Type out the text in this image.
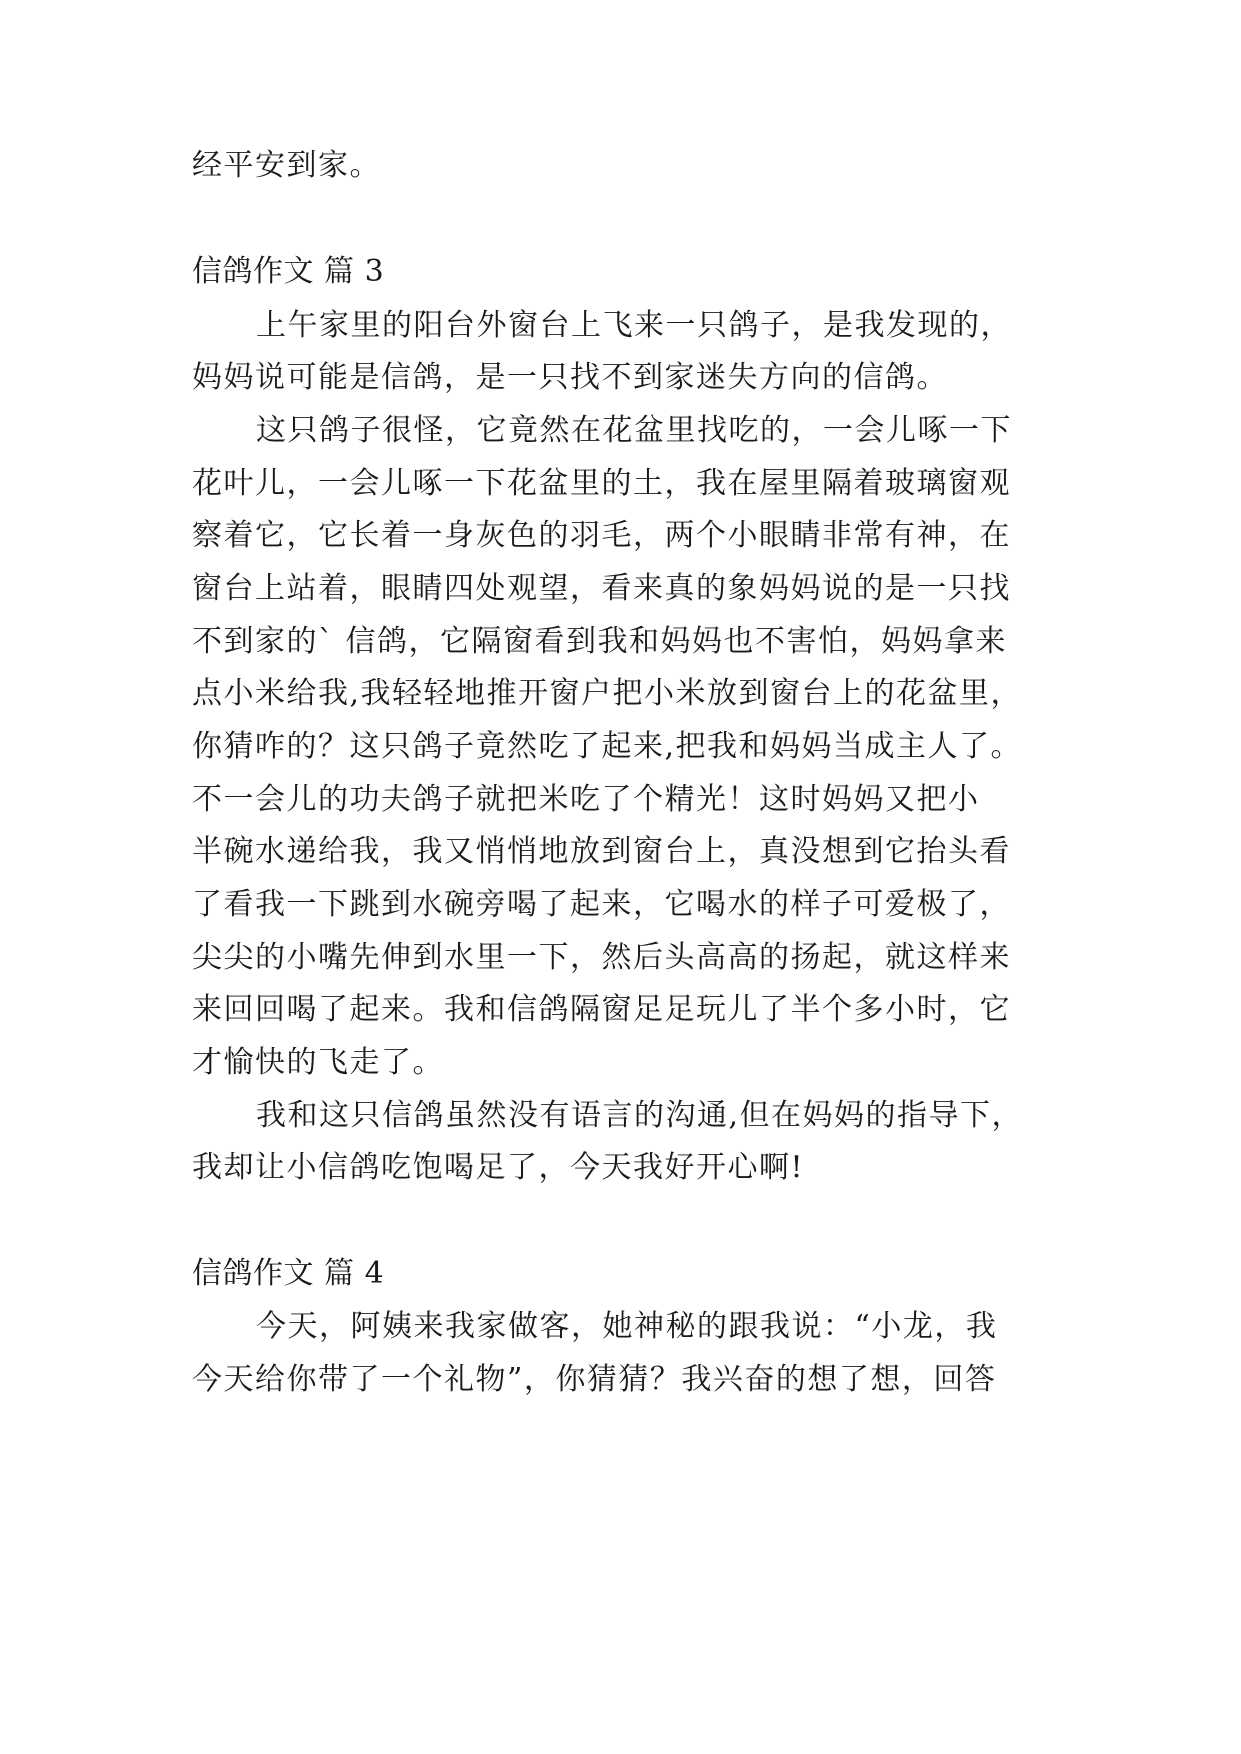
经平安到家。
信鸽作文 篇 3
上午家里的阳台外窗台上飞来一只鸽子，是我发现的，
妈妈说可能是信鸽，是一只找不到家迷失方向的信鸽。
这只鸽子很怪，它竟然在花盆里找吃的，一会儿啄一下
花叶儿，一会儿啄一下花盆里的土，我在屋里隔着玻璃窗观
察着它，它长着一身灰色的羽毛，两个小眼睛非常有神，在
窗台上站着，眼睛四处观望，看来真的象妈妈说的是一只找
不到家的` 信鸽，它隔窗看到我和妈妈也不害怕，妈妈拿来
点小米给我,我轻轻地推开窗户把小米放到窗台上的花盆里，
你猜咋的？这只鸽子竟然吃了起来,把我和妈妈当成主人了。
不一会儿的功夫鸽子就把米吃了个精光！这时妈妈又把小
半碗水递给我，我又悄悄地放到窗台上，真没想到它抬头看
了看我一下跳到水碗旁喝了起来，它喝水的样子可爱极了，
尖尖的小嘴先伸到水里一下，然后头高高的扬起，就这样来
来回回喝了起来。我和信鸽隔窗足足玩儿了半个多小时，它
才愉快的飞走了。
我和这只信鸽虽然没有语言的沟通,但在妈妈的指导下，
我却让小信鸽吃饱喝足了，今天我好开心啊!
信鸽作文 篇 4
今天，阿姨来我家做客，她神秘的跟我说：“小龙，我
今天给你带了一个礼物”，你猜猜？我兴奋的想了想，回答
